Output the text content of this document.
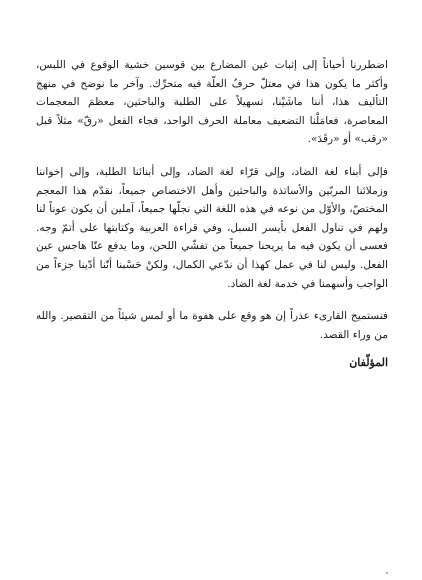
اضطررنا أحياناً إلى إثبات عين المضارع بين قوسين خشية الوقوع في اللبس، وأكثر ما يكون هذا في معتلّ حرفُ العلّة فيه متحرِّك. وآخر ما نوضح في منهج التأليف هذا، أننا ماشَيْنا، تسهيلاً على الطلبة والباحثين، معظمَ المعجمات المعاصرة، فعامَلْنا التضعيف معاملة الحرف الواحد، فجاء الفعل «رقّ» مثلاً قبل «رقب» أو «رقَدَ».

فإلى أبناء لغة الضاد، وإلى قرّاء لغة الضاد، وإلى أبنائنا الطلبة، وإلى إخواننا وزملائنا المربّين والأساتذة والباحثين وأهل الاختصاص جميعاً، نقدّم هذا المعجم المختصّ، والأوّل من نوعه في هذه اللغة التي نجلّها جميعاً، آملين أن يكون عوناً لنا ولهم في تناول الفعل بأيسر السبل، وفي قراءة العربية وكتابتها على أتمّ وجه. فعسى أن يكون فيه ما يريحنا جميعاً من تفشّي اللحن، وما يدفع عنّا هاجس عين الفعل. وليس لنا في عمل كهذا أن ندّعي الكمال، ولكنْ حَسْبنا أنّنا أدّينا جزءاً من الواجب وأسهمنا في خدمة لغة الضاد.

فنستميح القارىء عذراً إن هو وقع على هفوة ما أو لمس شيئاً من التقصير. والله من وراء القصد.

المؤلّفان
